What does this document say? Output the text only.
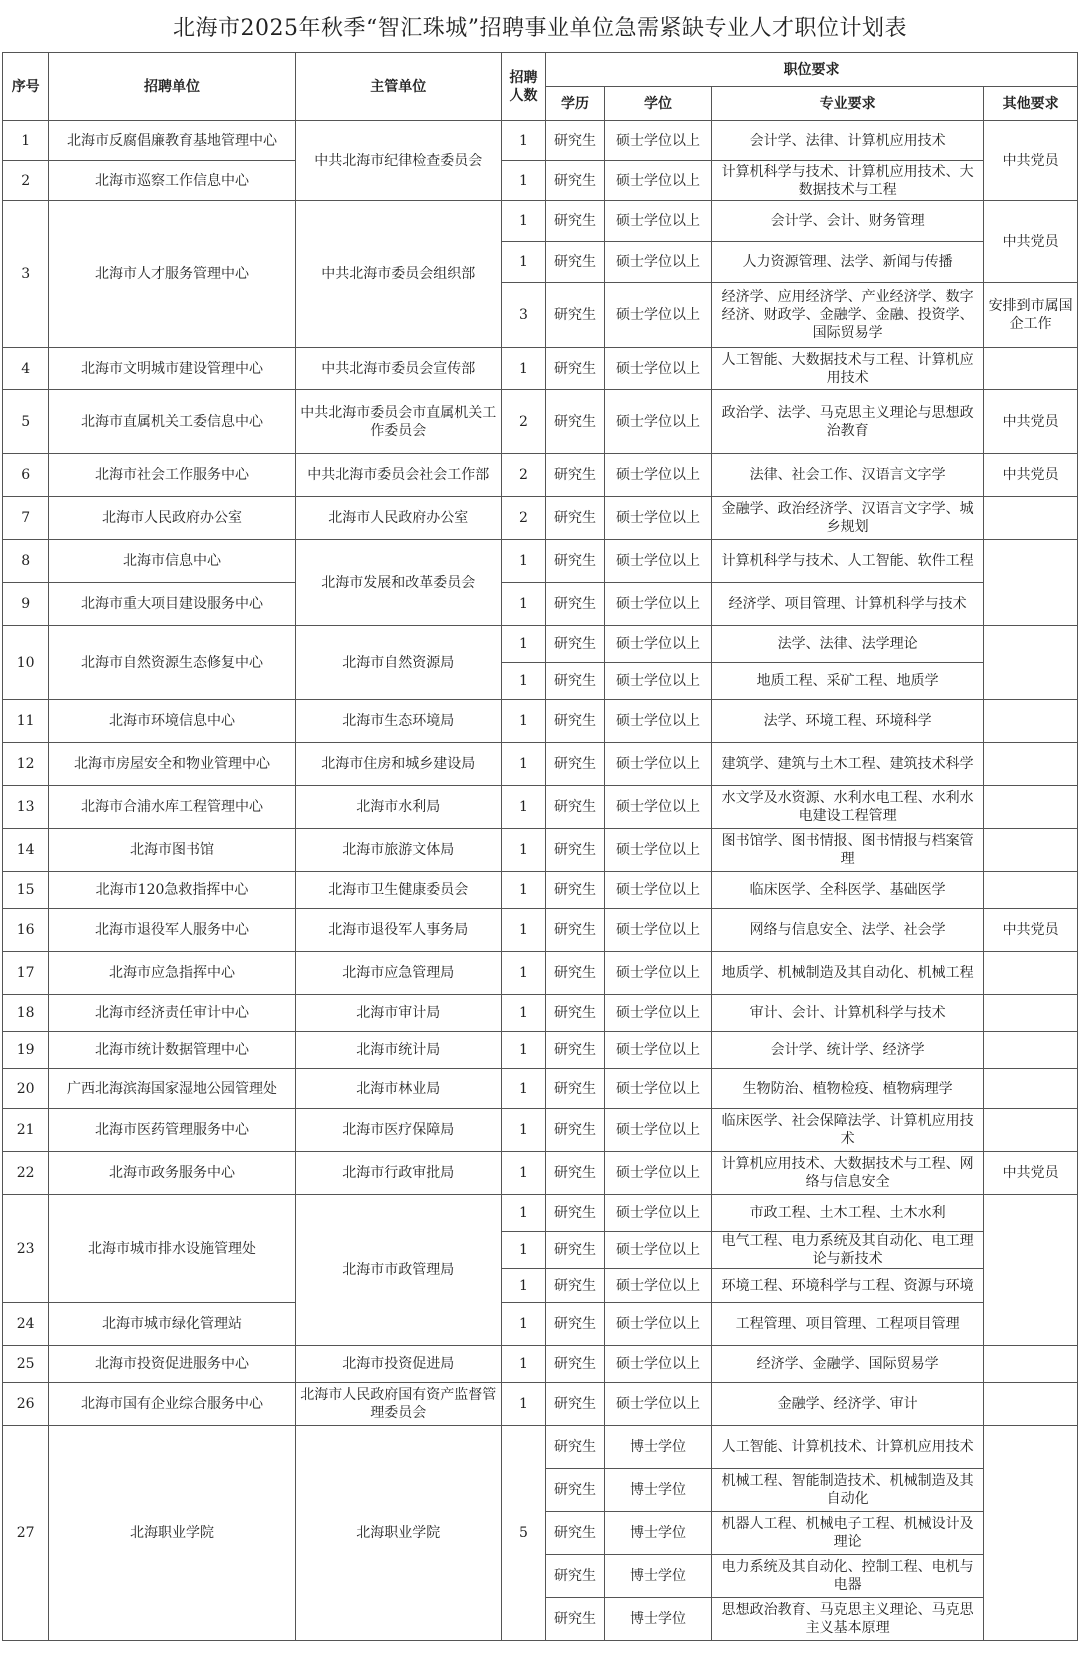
北海市2025年秋季“智汇珠城”招聘事业单位急需紧缺专业人才职位计划表
序号	招聘单位	主管单位	招聘人数	职位要求			
				学历	学位	专业要求	其他要求
1	北海市反腐倡廉教育基地管理中心	中共北海市纪律检查委员会	1	研究生	硕士学位以上	会计学、法律、计算机应用技术	中共党员
2	北海市巡察工作信息中心		1	研究生	硕士学位以上	计算机科学与技术、计算机应用技术、大数据技术与工程	
3	北海市人才服务管理中心	中共北海市委员会组织部	1	研究生	硕士学位以上	会计学、会计、财务管理	中共党员
			1	研究生	硕士学位以上	人力资源管理、法学、新闻与传播	
			3	研究生	硕士学位以上	经济学、应用经济学、产业经济学、数字经济、财政学、金融学、金融、投资学、国际贸易学	安排到市属国企工作
4	北海市文明城市建设管理中心	中共北海市委员会宣传部	1	研究生	硕士学位以上	人工智能、大数据技术与工程、计算机应用技术	
5	北海市直属机关工委信息中心	中共北海市委员会市直属机关工作委员会	2	研究生	硕士学位以上	政治学、法学、马克思主义理论与思想政治教育	中共党员
6	北海市社会工作服务中心	中共北海市委员会社会工作部	2	研究生	硕士学位以上	法律、社会工作、汉语言文字学	中共党员
7	北海市人民政府办公室	北海市人民政府办公室	2	研究生	硕士学位以上	金融学、政治经济学、汉语言文字学、城乡规划	
8	北海市信息中心	北海市发展和改革委员会	1	研究生	硕士学位以上	计算机科学与技术、人工智能、软件工程	
9	北海市重大项目建设服务中心		1	研究生	硕士学位以上	经济学、项目管理、计算机科学与技术	
10	北海市自然资源生态修复中心	北海市自然资源局	1	研究生	硕士学位以上	法学、法律、法学理论	
			1	研究生	硕士学位以上	地质工程、采矿工程、地质学	
11	北海市环境信息中心	北海市生态环境局	1	研究生	硕士学位以上	法学、环境工程、环境科学	
12	北海市房屋安全和物业管理中心	北海市住房和城乡建设局	1	研究生	硕士学位以上	建筑学、建筑与土木工程、建筑技术科学	
13	北海市合浦水库工程管理中心	北海市水利局	1	研究生	硕士学位以上	水文学及水资源、水利水电工程、水利水电建设工程管理	
14	北海市图书馆	北海市旅游文体局	1	研究生	硕士学位以上	图书馆学、图书情报、图书情报与档案管理	
15	北海市120急救指挥中心	北海市卫生健康委员会	1	研究生	硕士学位以上	临床医学、全科医学、基础医学	
16	北海市退役军人服务中心	北海市退役军人事务局	1	研究生	硕士学位以上	网络与信息安全、法学、社会学	中共党员
17	北海市应急指挥中心	北海市应急管理局	1	研究生	硕士学位以上	地质学、机械制造及其自动化、机械工程	
18	北海市经济责任审计中心	北海市审计局	1	研究生	硕士学位以上	审计、会计、计算机科学与技术	
19	北海市统计数据管理中心	北海市统计局	1	研究生	硕士学位以上	会计学、统计学、经济学	
20	广西北海滨海国家湿地公园管理处	北海市林业局	1	研究生	硕士学位以上	生物防治、植物检疫、植物病理学	
21	北海市医药管理服务中心	北海市医疗保障局	1	研究生	硕士学位以上	临床医学、社会保障法学、计算机应用技术	
22	北海市政务服务中心	北海市行政审批局	1	研究生	硕士学位以上	计算机应用技术、大数据技术与工程、网络与信息安全	中共党员
23	北海市城市排水设施管理处	北海市市政管理局	1	研究生	硕士学位以上	市政工程、土木工程、土木水利	
			1	研究生	硕士学位以上	电气工程、电力系统及其自动化、电工理论与新技术	
			1	研究生	硕士学位以上	环境工程、环境科学与工程、资源与环境	
24	北海市城市绿化管理站		1	研究生	硕士学位以上	工程管理、项目管理、工程项目管理	
25	北海市投资促进服务中心	北海市投资促进局	1	研究生	硕士学位以上	经济学、金融学、国际贸易学	
26	北海市国有企业综合服务中心	北海市人民政府国有资产监督管理委员会	1	研究生	硕士学位以上	金融学、经济学、审计	
27	北海职业学院	北海职业学院	5	研究生	博士学位	人工智能、计算机技术、计算机应用技术	
				研究生	博士学位	机械工程、智能制造技术、机械制造及其自动化	
				研究生	博士学位	机器人工程、机械电子工程、机械设计及理论	
				研究生	博士学位	电力系统及其自动化、控制工程、电机与电器	
				研究生	博士学位	思想政治教育、马克思主义理论、马克思主义基本原理	
